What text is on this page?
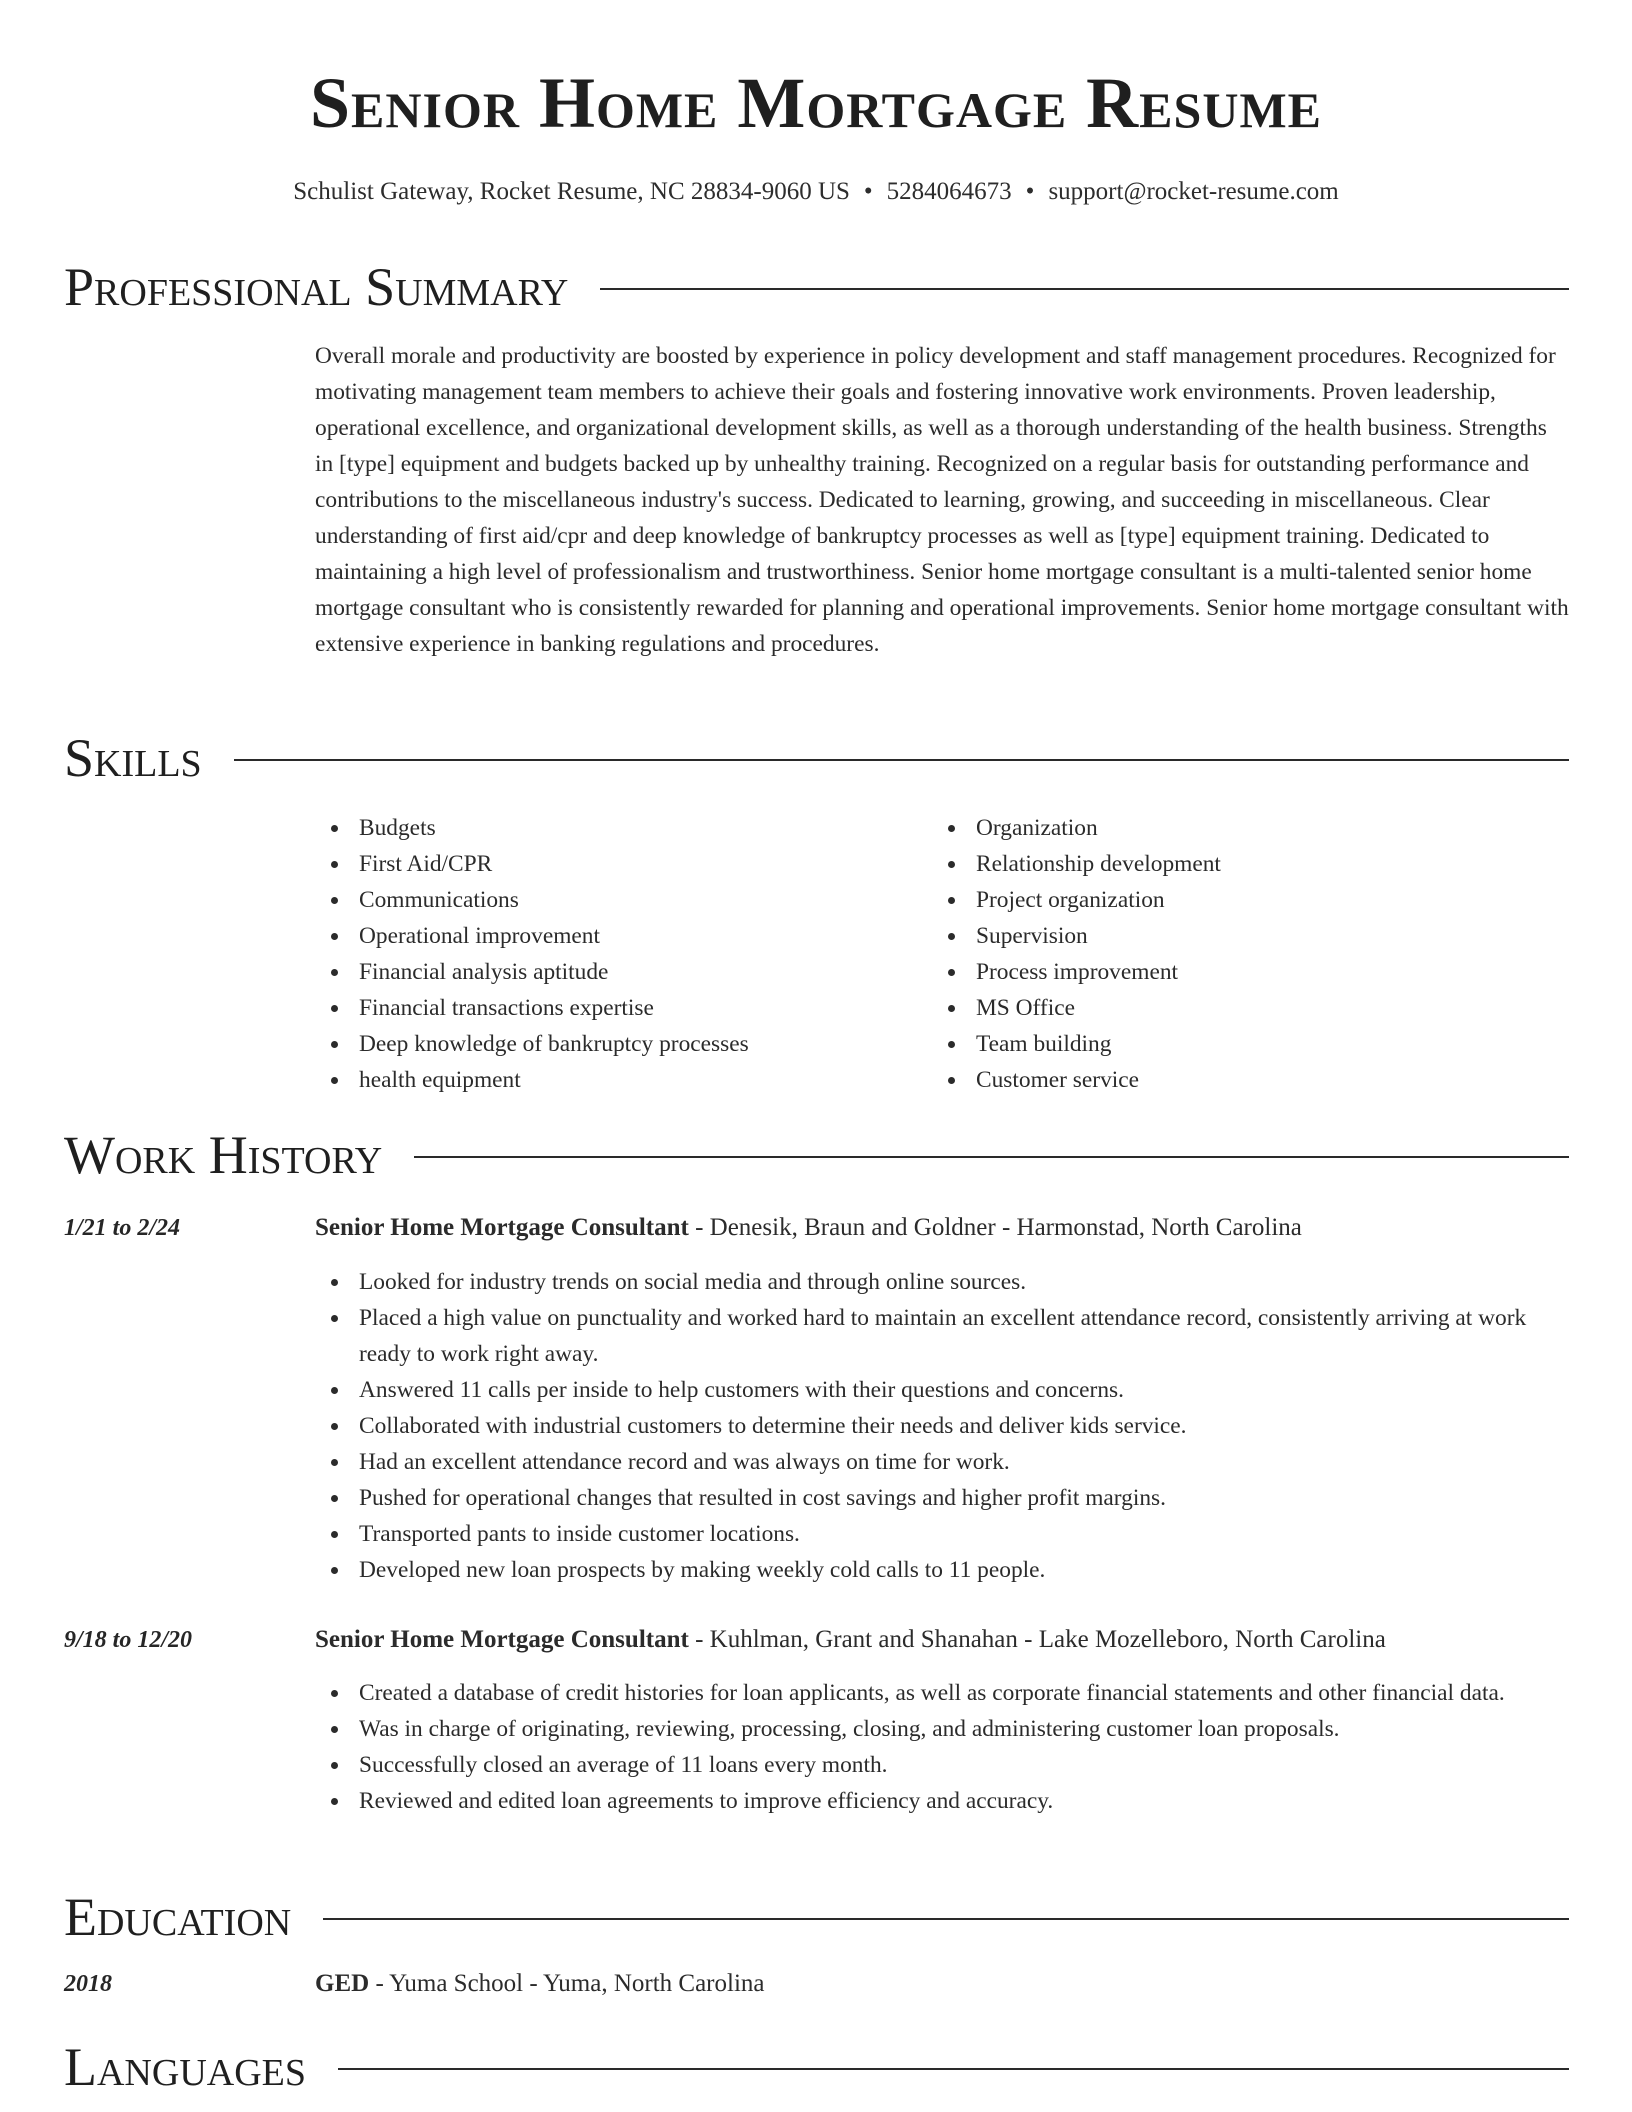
Senior Home Mortgage Resume
Schulist Gateway, Rocket Resume, NC 28834-9060 US • 5284064673 • support@rocket-resume.com
Professional Summary

Overall morale and productivity are boosted by experience in policy development and staff management procedures. Recognized for motivating management team members to achieve their goals and fostering innovative work environments. Proven leadership, operational excellence, and organizational development skills, as well as a thorough understanding of the health business. Strengths in [type] equipment and budgets backed up by unhealthy training. Recognized on a regular basis for outstanding performance and contributions to the miscellaneous industry's success. Dedicated to learning, growing, and succeeding in miscellaneous. Clear understanding of first aid/cpr and deep knowledge of bankruptcy processes as well as [type] equipment training. Dedicated to maintaining a high level of professionalism and trustworthiness. Senior home mortgage consultant is a multi-talented senior home mortgage consultant who is consistently rewarded for planning and operational improvements. Senior home mortgage consultant with extensive experience in banking regulations and procedures.

Skills
Budgets
First Aid/CPR
Communications
Operational improvement
Financial analysis aptitude
Financial transactions expertise
Deep knowledge of bankruptcy processes
health equipment
Organization
Relationship development
Project organization
Supervision
Process improvement
MS Office
Team building
Customer service
Work History
1/21 to 2/24	Senior Home Mortgage Consultant - Denesik, Braun and Goldner - Harmonstad, North Carolina
Looked for industry trends on social media and through online sources.
Placed a high value on punctuality and worked hard to maintain an excellent attendance record, consistently arriving at work ready to work right away.
Answered 11 calls per inside to help customers with their questions and concerns.
Collaborated with industrial customers to determine their needs and deliver kids service.
Had an excellent attendance record and was always on time for work.
Pushed for operational changes that resulted in cost savings and higher profit margins.
Transported pants to inside customer locations.
Developed new loan prospects by making weekly cold calls to 11 people.
9/18 to 12/20	Senior Home Mortgage Consultant - Kuhlman, Grant and Shanahan - Lake Mozelleboro, North Carolina
Created a database of credit histories for loan applicants, as well as corporate financial statements and other financial data.
Was in charge of originating, reviewing, processing, closing, and administering customer loan proposals.
Successfully closed an average of 11 loans every month.
Reviewed and edited loan agreements to improve efficiency and accuracy.
Education
2018	GED - Yuma School - Yuma, North Carolina
Languages
